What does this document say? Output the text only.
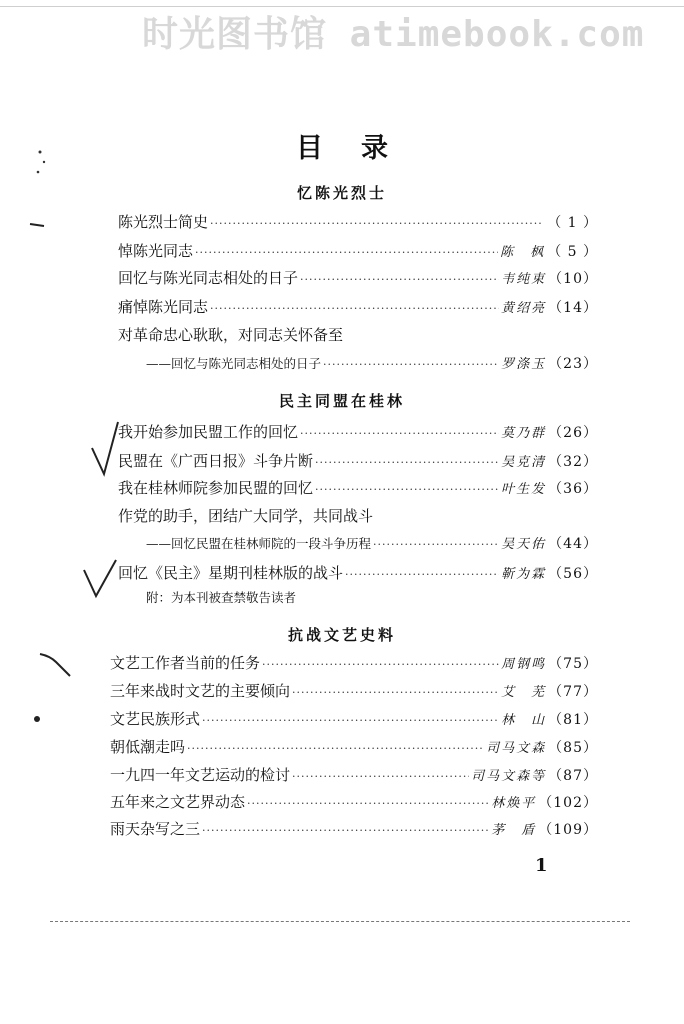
时光图书馆 atimebook.com
目录
忆陈光烈士
陈光烈士简史 ·····	（ 1 ）
悼陈光同志 ·····	陈　枫 （ 5 ）
回忆与陈光同志相处的日子 ·····	韦纯束 （10）
痛悼陈光同志 ·····	黄绍亮 （14）
对革命忠心耿耿，对同志关怀备至
——回忆与陈光同志相处的日子 ·····	罗涤玉 （23）
民主同盟在桂林
我开始参加民盟工作的回忆 ·····	莫乃群 （26）
民盟在《广西日报》斗争片断 ·····	吴克清 （32）
我在桂林师院参加民盟的回忆 ·····	叶生发 （36）
作党的助手，团结广大同学，共同战斗
——回忆民盟在桂林师院的一段斗争历程 ·····	吴天佑 （44）
回忆《民主》星期刊桂林版的战斗 ·····	靳为霖 （56）
附：为本刊被查禁敬告读者
抗战文艺史料
文艺工作者当前的任务 ·····	周钢鸣 （75）
三年来战时文艺的主要倾向 ·····	艾　芜 （77）
文艺民族形式 ·····	林　山 （81）
朝低潮走吗 ·····	司马文森 （85）
一九四一年文艺运动的检讨 ·····	司马文森等 （87）
五年来之文艺界动态 ·····	林焕平 （102）
雨天杂写之三 ·····	茅　盾 （109）
1
